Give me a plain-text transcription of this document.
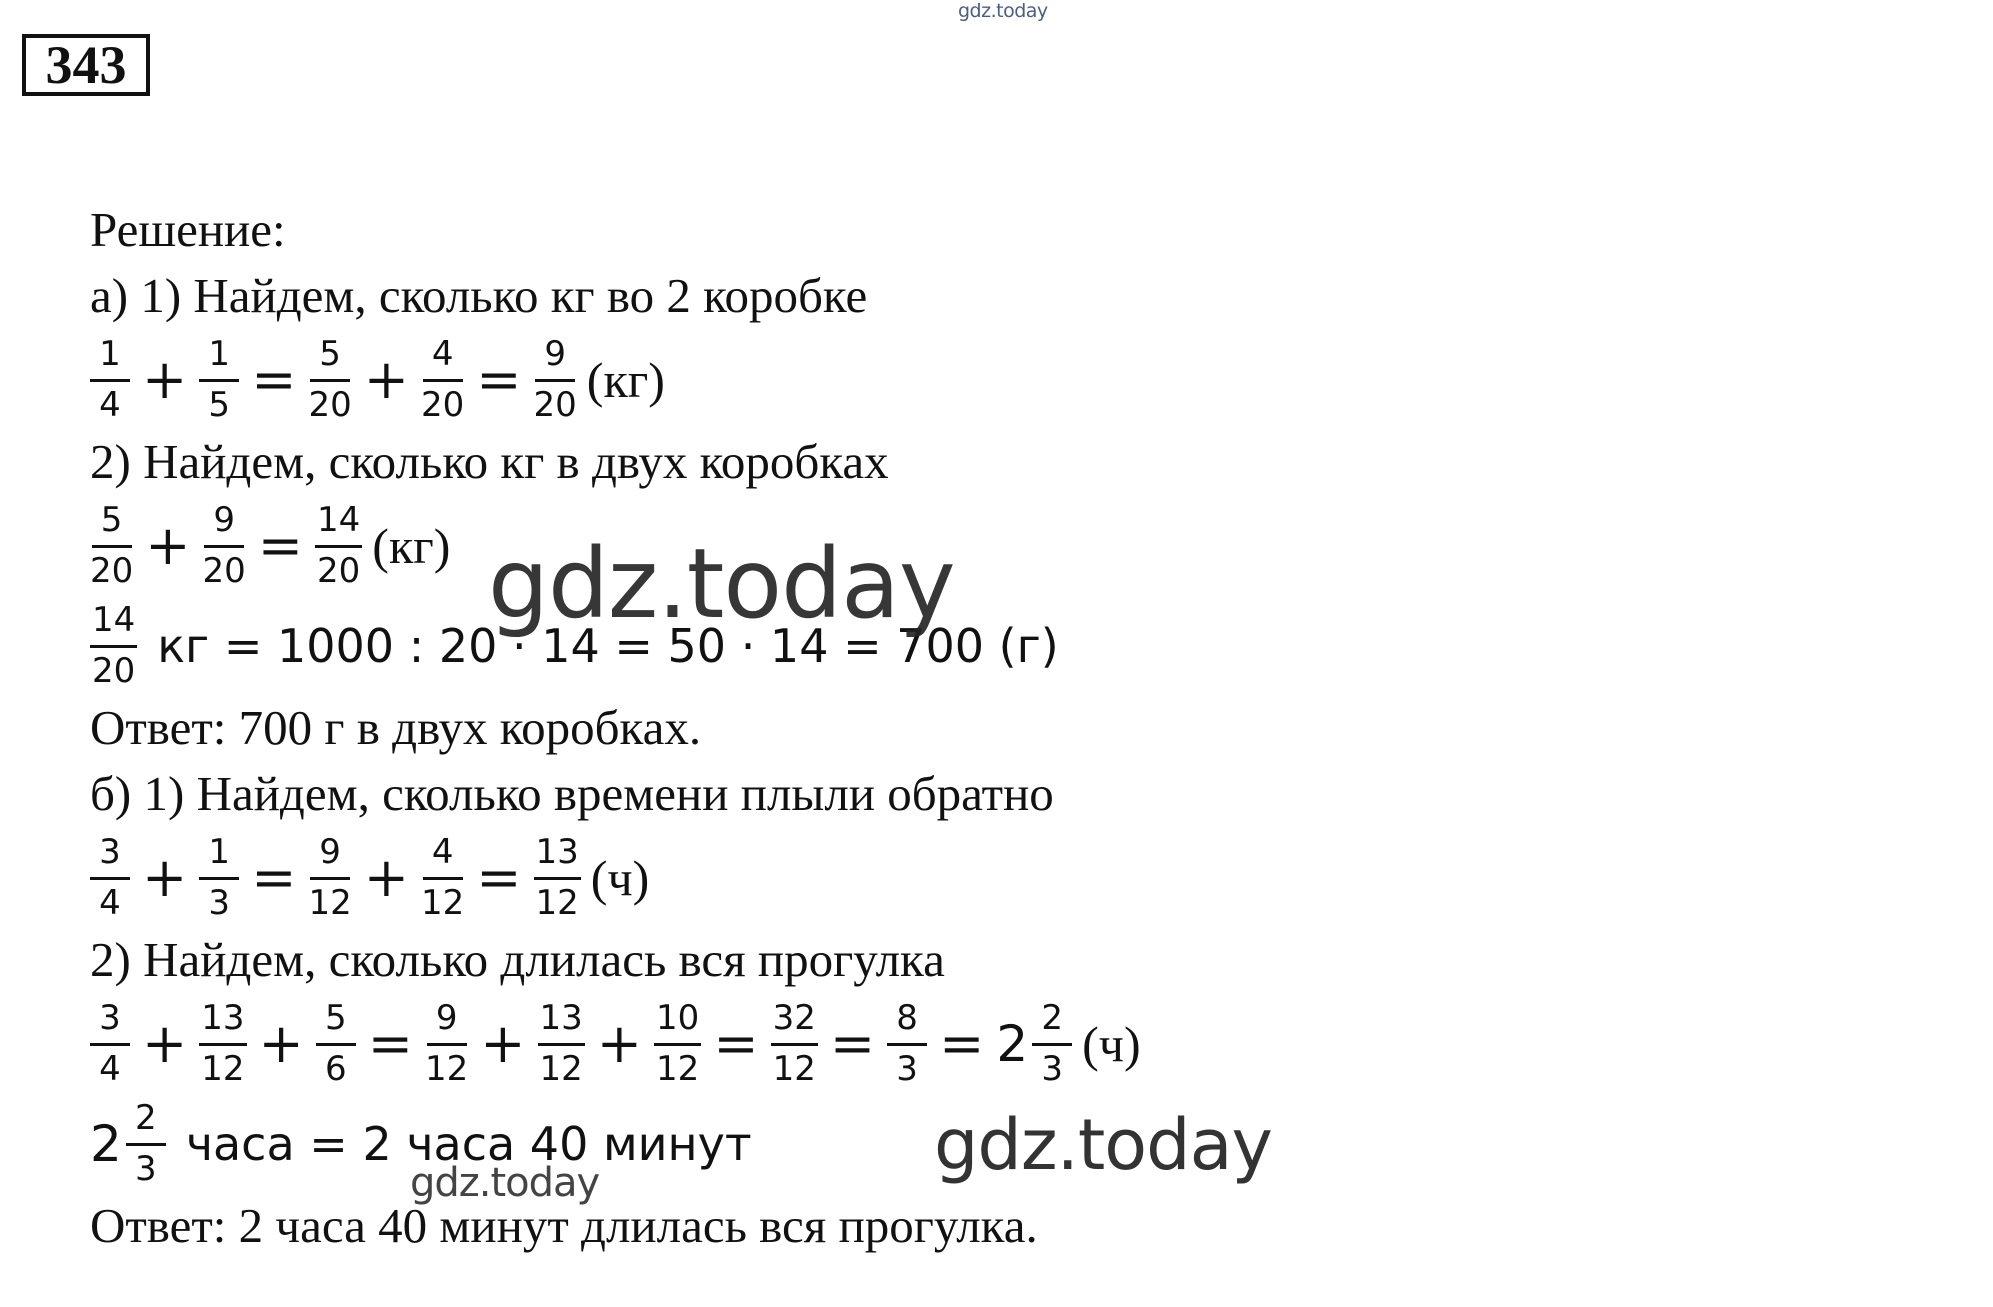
gdz.today
343
Решение:
а) 1) Найдем, сколько кг во 2 коробке
$\frac{1}{4} + \frac{1}{5} = \frac{5}{20} + \frac{4}{20} = \frac{9}{20} (кг)$
2) Найдем, сколько кг в двух коробках
$\frac{5}{20} + \frac{9}{20} = \frac{14}{20} (кг)$
$\frac{14}{20}$ кг = 1000 : 20 · 14 = 50 · 14 = 700 (г)
Ответ: 700 г в двух коробках.
б) 1) Найдем, сколько времени плыли обратно
$\frac{3}{4} + \frac{1}{3} = \frac{9}{12} + \frac{4}{12} = \frac{13}{12} (ч)$
2) Найдем, сколько длилась вся прогулка
$\frac{3}{4} + \frac{13}{12} + \frac{5}{6} = \frac{9}{12} + \frac{13}{12} + \frac{10}{12} = \frac{32}{12} = \frac{8}{3} = 2 \frac{2}{3} (ч)$
$2 \frac{2}{3}$ часа = 2 часа 40 минут
Ответ: 2 часа 40 минут длилась вся прогулка.
gdz.today
gdz.today
gdz.today
